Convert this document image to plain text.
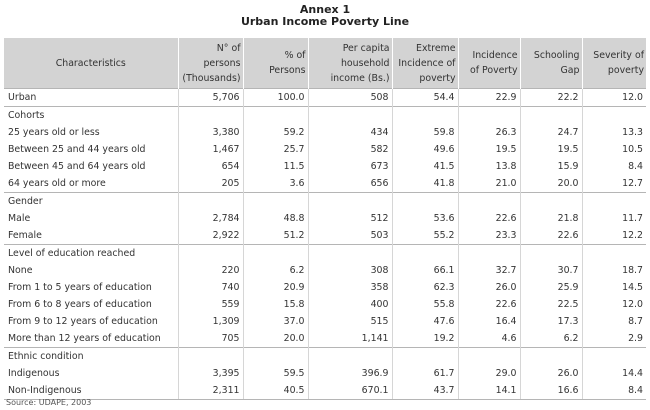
Annex 1
Urban Income Poverty Line
Characteristics	N° of persons (Thousands)	% of Persons	Per capita household income (Bs.)	Extreme Incidence of poverty	Incidence of Poverty	Schooling Gap	Severity of poverty
Urban	5,706	100.0	508	54.4	22.9	22.2	12.0
Cohorts							
25 years old or less	3,380	59.2	434	59.8	26.3	24.7	13.3
Between 25 and 44 years old	1,467	25.7	582	49.6	19.5	19.5	10.5
Between 45 and 64 years old	654	11.5	673	41.5	13.8	15.9	8.4
64 years old or more	205	3.6	656	41.8	21.0	20.0	12.7
Gender							
Male	2,784	48.8	512	53.6	22.6	21.8	11.7
Female	2,922	51.2	503	55.2	23.3	22.6	12.2
Level of education reached							
None	220	6.2	308	66.1	32.7	30.7	18.7
From 1 to 5 years of education	740	20.9	358	62.3	26.0	25.9	14.5
From 6 to 8 years of education	559	15.8	400	55.8	22.6	22.5	12.0
From 9 to 12 years of education	1,309	37.0	515	47.6	16.4	17.3	8.7
More than 12 years of education	705	20.0	1,141	19.2	4.6	6.2	2.9
Ethnic condition							
Indigenous	3,395	59.5	396.9	61.7	29.0	26.0	14.4
Non-Indigenous	2,311	40.5	670.1	43.7	14.1	16.6	8.4
Source: UDAPE, 2003
